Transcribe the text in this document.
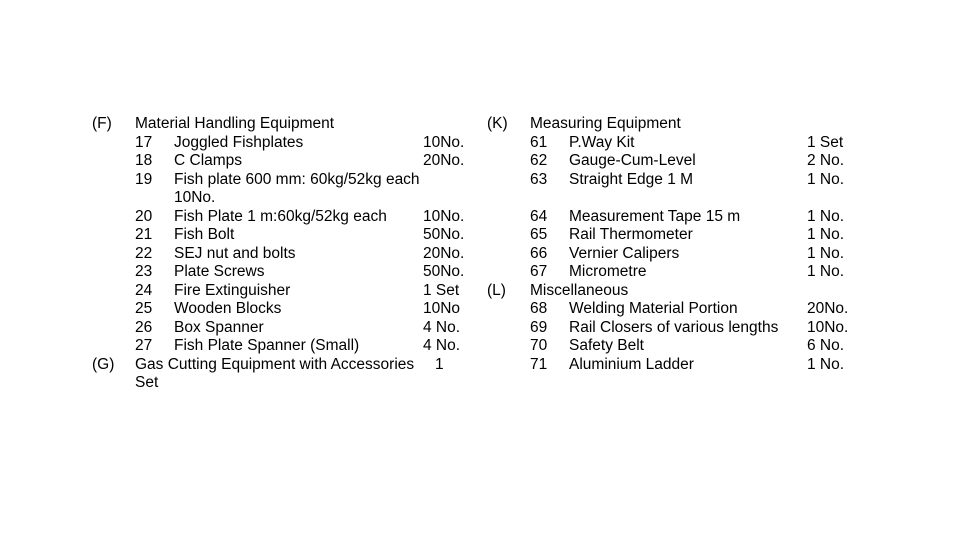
(F) Material Handling Equipment
17 Joggled Fishplates	10No.
18 C Clamps	20No.
19 Fish plate 600 mm: 60kg/52kg each
10No.
20 Fish Plate 1 m:60kg/52kg each 10No.
21 Fish Bolt	50No.
22 SEJ nut and bolts	20No.
23 Plate Screws	50No.
24 Fire Extinguisher	1 Set
25 Wooden Blocks	10No
26 Box Spanner	4 No.
27 Fish Plate Spanner (Small)	4 No.
(G) Gas Cutting Equipment with Accessories 1
Set
(K) Measuring Equipment
61 P.Way Kit	1 Set
62 Gauge-Cum-Level	2 No.
63 Straight Edge 1 M	1 No.
64 Measurement Tape 15 m	1 No.
65 Rail Thermometer	1 No.
66 Vernier Calipers	1 No.
67 Micrometre	1 No.
(L) Miscellaneous
68 Welding Material Portion	20No.
69 Rail Closers of various lengths 10No.
70 Safety Belt	6 No.
71 Aluminium Ladder	1 No.
